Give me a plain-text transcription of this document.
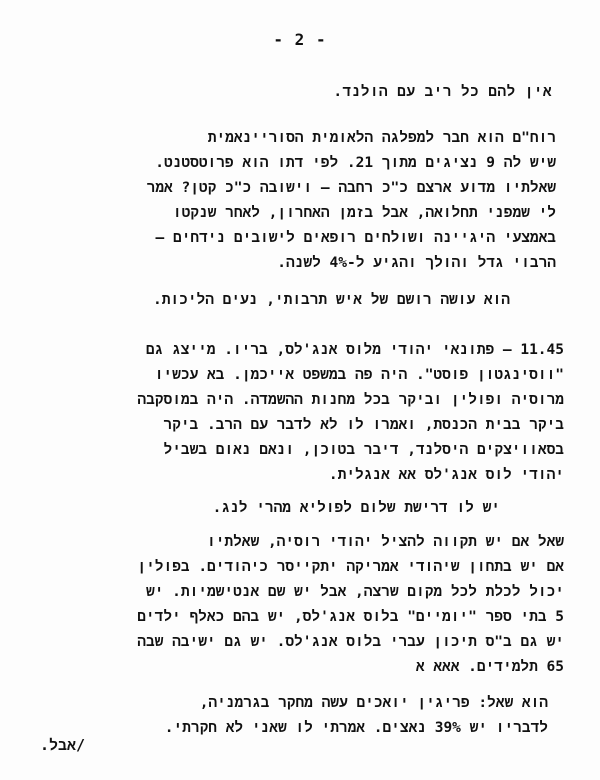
- 2 -
אין להם כל ריב עם הולנד.
רוח"ם הוא חבר למפלגה הלאומית הסוריינאמית
שיש לה 9 נציגים מתוך 21. לפי דתו הוא פרוטסטנט.
שאלתיו מדוע ארצם כ"כ רחבה – וישובה כ"כ קטן? אמר
לי שמפני תחלואה, אבל בזמן האחרון, לאחר שנקטו
באמצעי היגיינה ושולחים רופאים לישובים נידחים –
הרבוי גדל והולך והגיע ל-4% לשנה.
הוא עושה רושם של איש תרבותי, נעים הליכות.
11.45 – פתונאי יהודי מלוס אנג'לס, בריו. מייצג גם
"ווסינגטון פוסט". היה פה במשפט אייכמן. בא עכשיו
מרוסיה ופולין וביקר בכל מחנות ההשמדה. היה במוסקבה
ביקר בבית הכנסת, ואמרו לו לא לדבר עם הרב. ביקר
בסאוויצקים היסלנד, דיבר בטוכן, ונאם נאום בשביל
יהודי לוס אנג'לס אא אנגלית.
יש לו דרישת שלום לפוליא מהרי לנג.
שאל אם יש תקווה להציל יהודי רוסיה, שאלתיו
אם יש בתחון שיהודי אמריקה יתקייסר כיהודים. בפולין
יכול לכלת לכל מקום שרצה, אבל יש שם אנטישמיות. יש
5 בתי ספר "יומיים" בלוס אנג'לס, יש בהם כאלף ילדים
יש גם ב"ס תיכון עברי בלוס אנג'לס. יש גם ישיבה שבה
65 תלמידים. אאא א
הוא שאל: פריגין יואכים עשה מחקר בגרמניה,
לדבריו יש 39% נאצים. אמרתי לו שאני לא חקרתי.
/אבל.
